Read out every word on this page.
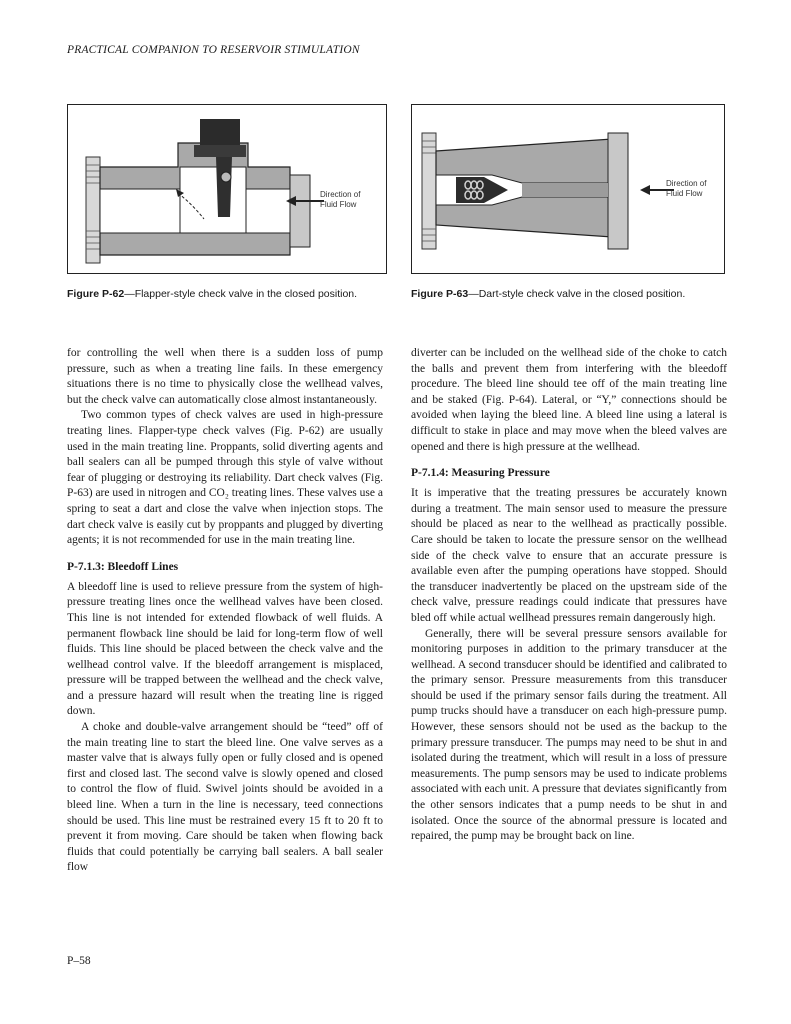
PRACTICAL COMPANION TO RESERVOIR STIMULATION
Direction of
Fluid Flow
Direction of
Fluid Flow
Figure P-62—Flapper-style check valve in the closed position.	Figure P-63—Dart-style check valve in the closed position.

for controlling the well when there is a sudden loss of pump pressure, such as when a treating line fails. In these emergency situations there is no time to physically close the wellhead valves, but the check valve can automatically close almost instantaneously.

Two common types of check valves are used in high-pressure treating lines. Flapper-type check valves (Fig. P-62) are usually used in the main treating line. Proppants, solid diverting agents and ball sealers can all be pumped through this style of valve without fear of plugging or destroying its reliability. Dart check valves (Fig. P-63) are used in nitrogen and CO₂ treating lines. These valves use a spring to seat a dart and close the valve when injection stops. The dart check valve is easily cut by proppants and plugged by diverting agents; it is not recommended for use in the main treating line.

P-7.1.3: Bleedoff Lines

A bleedoff line is used to relieve pressure from the system of high-pressure treating lines once the wellhead valves have been closed. This line is not intended for extended flowback of well fluids. A permanent flowback line should be laid for long-term flow of well fluids. This line should be placed between the check valve and the wellhead control valve. If the bleedoff arrangement is misplaced, pressure will be trapped between the wellhead and the check valve, and a pressure hazard will result when the treating line is rigged down.

A choke and double-valve arrangement should be “teed” off of the main treating line to start the bleed line. One valve serves as a master valve that is always fully open or fully closed and is opened first and closed last. The second valve is slowly opened and closed to control the flow of fluid. Swivel joints should be avoided in a bleed line. When a turn in the line is necessary, teed connections should be used. This line must be restrained every 15 ft to 20 ft to prevent it from moving. Care should be taken when flowing back fluids that could potentially be carrying ball sealers. A ball sealer flow

diverter can be included on the wellhead side of the choke to catch the balls and prevent them from interfering with the bleedoff procedure. The bleed line should tee off of the main treating line and be staked (Fig. P-64). Lateral, or “Y,” connections should be avoided when laying the bleed line. A bleed line using a lateral is difficult to stake in place and may move when the bleed valves are opened and there is high pressure at the wellhead.

P-7.1.4: Measuring Pressure

It is imperative that the treating pressures be accurately known during a treatment. The main sensor used to measure the pressure should be placed as near to the wellhead as practically possible. Care should be taken to locate the pressure sensor on the wellhead side of the check valve to ensure that an accurate pressure is available even after the pumping operations have stopped. Should the transducer inadvertently be placed on the upstream side of the check valve, pressure readings could indicate that pressures have bled off while actual wellhead pressures remain dangerously high.

Generally, there will be several pressure sensors available for monitoring purposes in addition to the primary transducer at the wellhead. A second transducer should be identified and calibrated to the primary sensor. Pressure measurements from this transducer should be used if the primary sensor fails during the treatment. All pump trucks should have a transducer on each high-pressure pump. However, these sensors should not be used as the backup to the primary pressure transducer. The pumps may need to be shut in and isolated during the treatment, which will result in a loss of pressure measurements. The pump sensors may be used to indicate problems associated with each unit. A pressure that deviates significantly from the other sensors indicates that a pump needs to be shut in and isolated. Once the source of the abnormal pressure is located and repaired, the pump may be brought back on line.

P–58
